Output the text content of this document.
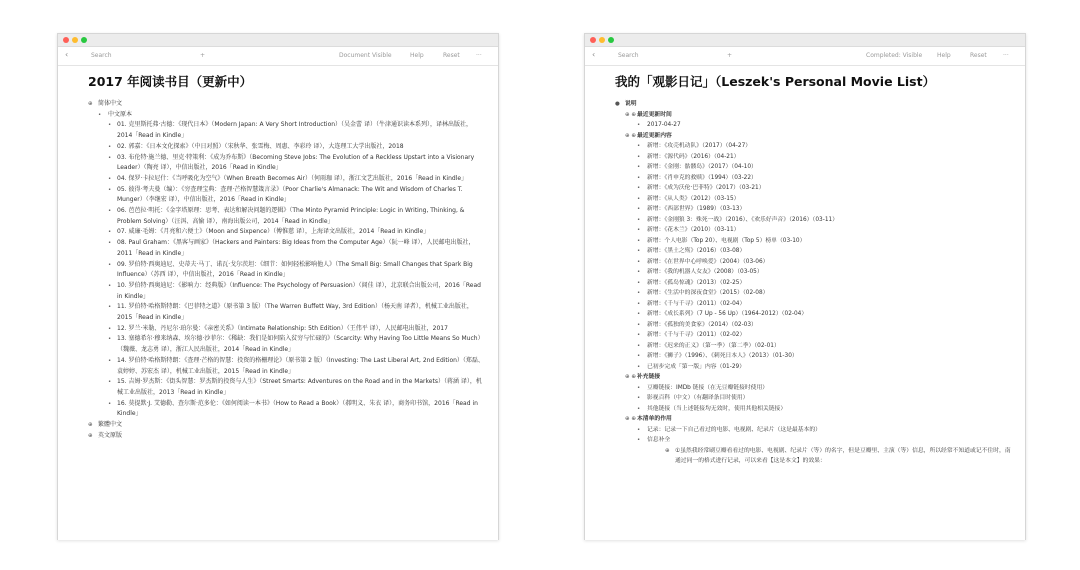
‹	Search	+	Document Visible	Help	Reset	···
2017 年阅读书目（更新中）
⊕ 简体中文
•	中文原本
• 01. 克里斯托弗·古德：《现代日本》（Modern Japan: A Very Short Introduction）（吴金蕾 译）（牛津通识读本系列），译林出版社，2014「Read in Kindle」
• 02. 郭嘉：《日本文化探索》（中日对照）（宋秋华、张雪梅、周惠、李彩玲 译），大连理工大学出版社，2018
• 03. 布伦特·施兰德、里克·特策利：《成为乔布斯》（Becoming Steve Jobs: The Evolution of a Reckless Upstart into a Visionary Leader）（陶亮 译），中信出版社，2016「Read in Kindle」
• 04. 保罗·卡拉尼什：《当呼吸化为空气》（When Breath Becomes Air）（何雨珈 译），浙江文艺出版社，2016「Read in Kindle」
• 05. 彼得·考夫曼（编）：《穷查理宝典：查理·芒格智慧箴言录》（Poor Charlie's Almanack: The Wit and Wisdom of Charles T. Munger）（李继宏 译），中信出版社，2016「Read in Kindle」
• 06. 芭芭拉·明托：《金字塔原理：思考、表达和解决问题的逻辑》（The Minto Pyramid Principle: Logic in Writing, Thinking, & Problem Solving）（汪洱、高愉 译），南海出版公司，2014「Read in Kindle」
• 07. 威廉·毛姆：《月亮和六便士》（Moon and Sixpence）（傅惟慈 译），上海译文出版社，2014「Read in Kindle」
• 08. Paul Graham：《黑客与画家》（Hackers and Painters: Big Ideas from the Computer Age）（阮一峰 译），人民邮电出版社，2011「Read in Kindle」
• 09. 罗伯特·西奥迪尼、史蒂夫·马丁、诺瓦·戈尔茨坦：《细节：如何轻松影响他人》（The Small Big: Small Changes that Spark Big Influence）（苏西 译），中信出版社，2016「Read in Kindle」
• 10. 罗伯特·西奥迪尼：《影响力：经典版》（Influence: The Psychology of Persuasion）（闾佳 译），北京联合出版公司，2016「Read in Kindle」
• 11. 罗伯特·哈格斯特朗：《巴菲特之道》（原书第 3 版）（The Warren Buffett Way, 3rd Edition）（杨天南 译者），机械工业出版社，2015「Read in Kindle」
• 12. 罗兰·米勒、丹尼尔·珀尔曼：《亲密关系》（Intimate Relationship: 5th Edition）（王伟平 译），人民邮电出版社，2017
• 13. 塞德希尔·穆来纳森、埃尔德·沙菲尔：《稀缺：我们是如何陷入贫穷与忙碌的》（Scarcity: Why Having Too Little Means So Much）（魏薇、龙志勇 译），浙江人民出版社，2014「Read in Kindle」
• 14. 罗伯特·哈格斯特朗：《查理·芒格的智慧：投资的格栅理论》（原书第 2 版）（Investing: The Last Liberal Art, 2nd Edition）（郑磊、袁婷婷、苏宏杰 译），机械工业出版社，2015「Read in Kindle」
• 15. 吉姆·罗杰斯：《街头智慧：罗杰斯的投资与人生》（Street Smarts: Adventures on the Road and in the Markets）（蒋涵 译），机械工业出版社，2013「Read in Kindle」
• 16. 莫提默·J. 艾德勒、查尔斯·范多伦：《如何阅读一本书》（How to Read a Book）（郝明义、朱衣 译），商务印书馆，2016「Read in Kindle」
⊕ 繁體中文
⊕ 英文原版
‹	Search	+	Completed: Visible Help	Reset	···
我的「观影日记」（Leszek's Personal Movie List）
● 说明
⊕ ⊕ 最近更新时间
•	2017-04-27
⊕ ⊕ 最近更新内容
•	新增：《攻壳机动队》（2017）（04-27）
•	新增：《源代码》（2016）（04-21）
•	新增：《金刚：骷髅岛》（2017）（04-10）
•	新增：《肖申克的救赎》（1994）（03-22）
•	新增：《成为沃伦·巴菲特》（2017）（03-21）
•	新增：《从人类》（2012）（03-15）
•	新增：《西部世界》（1989）（03-13）
•	新增：《金刚狼 3：殊死一战》（2016）、《欢乐好声音》（2016）（03-11）
•	新增：《花木兰》（2010）（03-11）
•	新增：个人电影（Top 20）、电视剧（Top 5）榜单（03-10）
•	新增：《黑土之殇》（2016）（03-08）
•	新增：《在世界中心呼唤爱》（2004）（03-06）
•	新增：《我的机器人女友》（2008）（03-05）
•	新增：《孤岛惊魂》（2013）（02-25）
•	新增：《生活中的深夜食堂》（2015）（02-08）
•	新增：《千与千寻》（2011）（02-04）
•	新增：《成长系列》（7 Up - 56 Up）（1964-2012）（02-04）
•	新增：《孤独的美食家》（2014）（02-03）
•	新增：《千与千寻》（2011）（02-02）
•	新增：《迟来的正义》（第一季）（第二季）（02-01）
•	新增：《狮子》（1996）、《刺死日本人》（2013）（01-30）
•	已初步完成「第一版」内容（01-29）
⊕ ⊕ 补充链接
•	豆瓣链接：IMDb 链接（在无豆瓣链接时使用）
•	影视百科（中文）（有翻译条目时使用）
•	其他链接（当上述链接均无效时，使用其他相关链接）
⊕ ⊕ 本清单的作用
•	记录：记录一下自己看过的电影、电视剧、纪录片（这是最基本的）
•	信息补全
⊕ ①虽然我经常刷豆瓣看看过的电影、电视剧、纪录片（等）的名字，但是豆瓣里、主演（等）信息，所以经常不知道或记不住时，南通过同一的格式进行记录，可以来看【这是本文】的效果：
